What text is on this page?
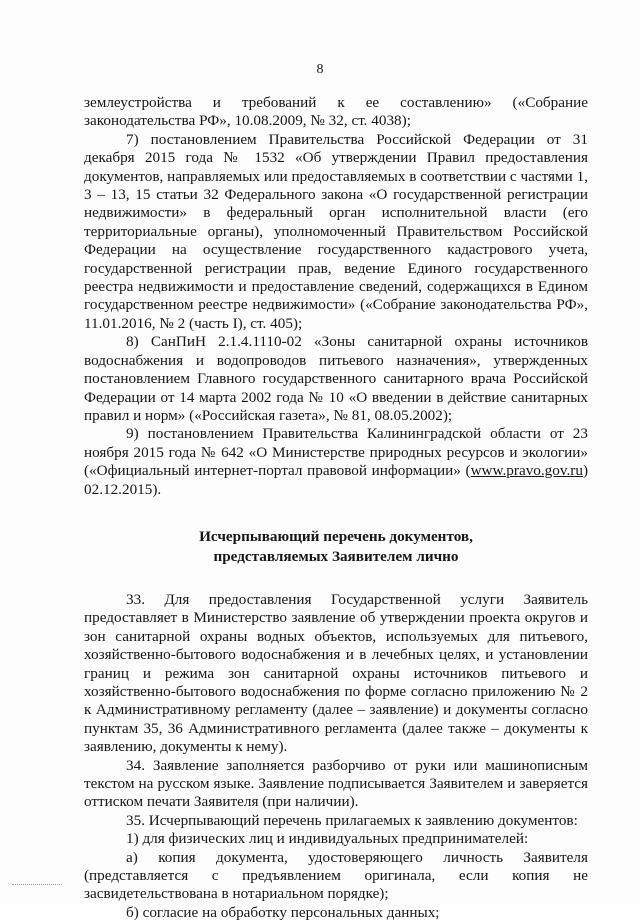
8

землеустройства и требований к ее составлению» («Собрание законодательства РФ», 10.08.2009, № 32, ст. 4038);

7) постановлением Правительства Российской Федерации от 31 декабря 2015 года № 1532 «Об утверждении Правил предоставления документов, направляемых или предоставляемых в соответствии с частями 1, 3 – 13, 15 статьи 32 Федерального закона «О государственной регистрации недвижимости» в федеральный орган исполнительной власти (его территориальные органы), уполномоченный Правительством Российской Федерации на осуществление государственного кадастрового учета, государственной регистрации прав, ведение Единого государственного реестра недвижимости и предоставление сведений, содержащихся в Едином государственном реестре недвижимости» («Собрание законодательства РФ», 11.01.2016, № 2 (часть I), ст. 405);

8) СанПиН 2.1.4.1110-02 «Зоны санитарной охраны источников водоснабжения и водопроводов питьевого назначения», утвержденных постановлением Главного государственного санитарного врача Российской Федерации от 14 марта 2002 года № 10 «О введении в действие санитарных правил и норм» («Российская газета», № 81, 08.05.2002);

9) постановлением Правительства Калининградской области от 23 ноября 2015 года № 642 «О Министерстве природных ресурсов и экологии» («Официальный интернет-портал правовой информации» (www.pravo.gov.ru) 02.12.2015).

Исчерпывающий перечень документов,
представляемых Заявителем лично

33. Для предоставления Государственной услуги Заявитель предоставляет в Министерство заявление об утверждении проекта округов и зон санитарной охраны водных объектов, используемых для питьевого, хозяйственно-бытового водоснабжения и в лечебных целях, и установлении границ и режима зон санитарной охраны источников питьевого и хозяйственно-бытового водоснабжения по форме согласно приложению № 2 к Административному регламенту (далее – заявление) и документы согласно пунктам 35, 36 Административного регламента (далее также – документы к заявлению, документы к нему).

34. Заявление заполняется разборчиво от руки или машинописным текстом на русском языке. Заявление подписывается Заявителем и заверяется оттиском печати Заявителя (при наличии).

35. Исчерпывающий перечень прилагаемых к заявлению документов:

1) для физических лиц и индивидуальных предпринимателей:

а) копия документа, удостоверяющего личность Заявителя (представляется с предъявлением оригинала, если копия не засвидетельствована в нотариальном порядке);

б) согласие на обработку персональных данных;
